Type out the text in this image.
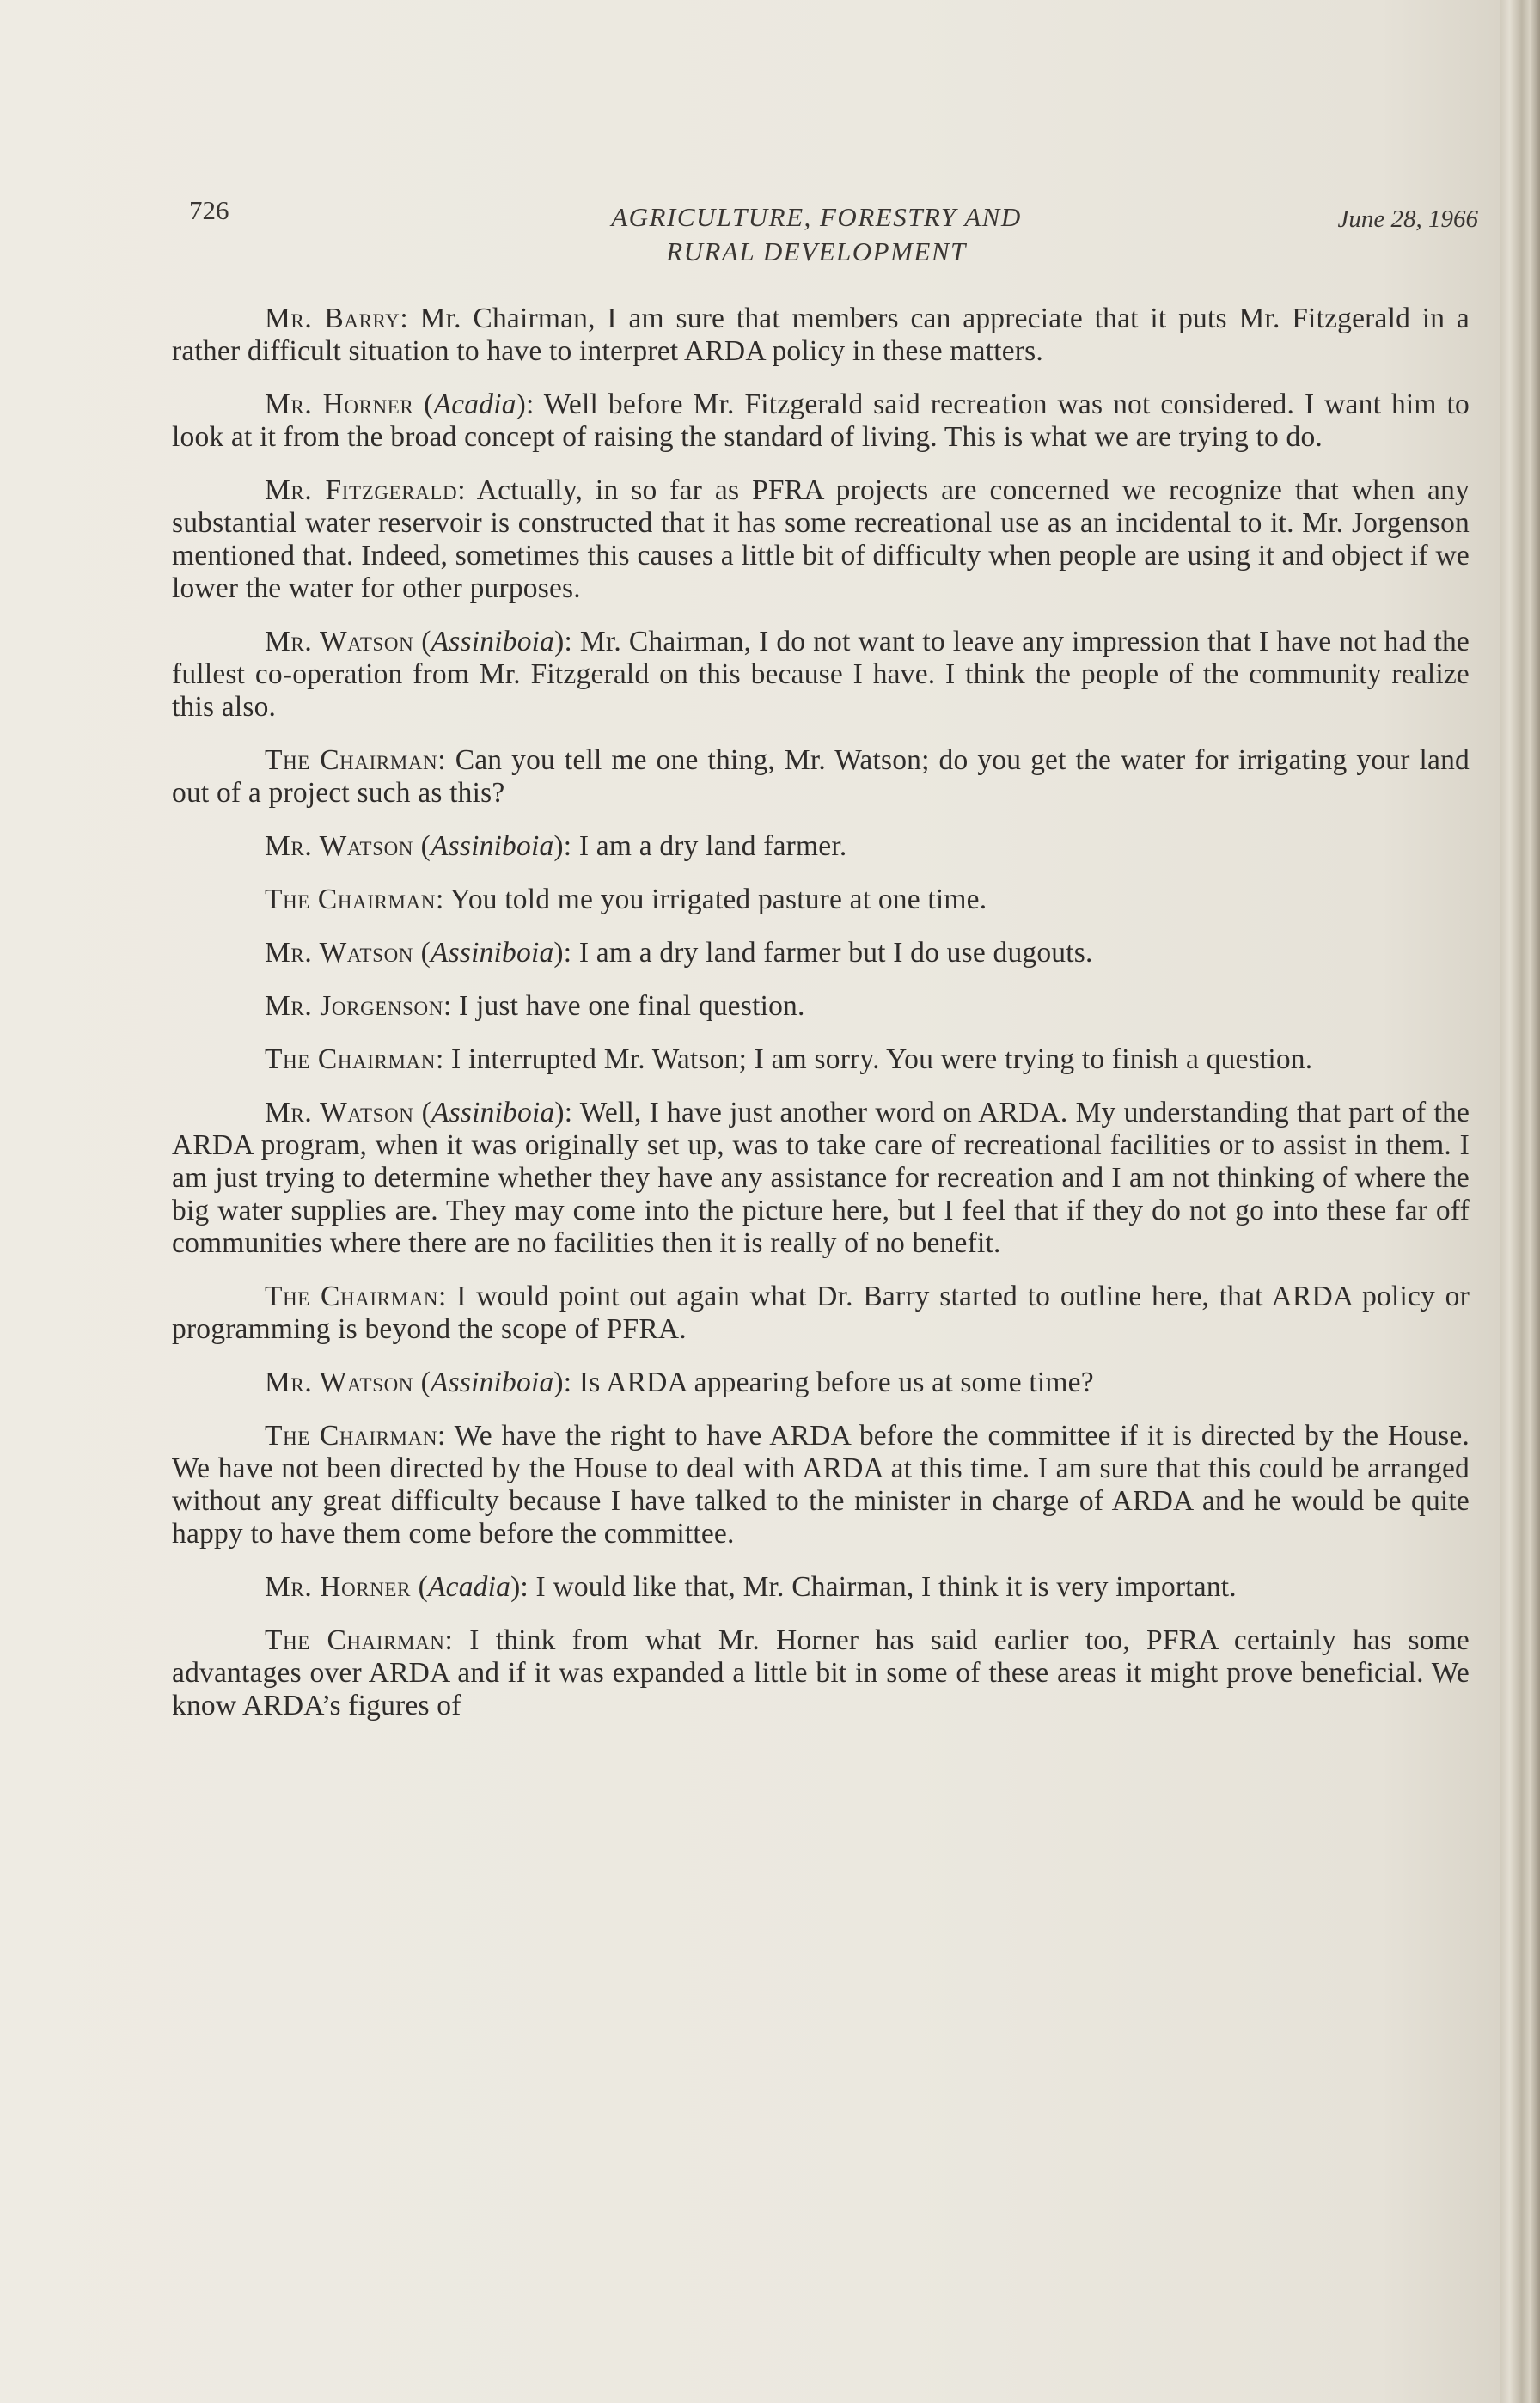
726	AGRICULTURE, FORESTRY AND
RURAL DEVELOPMENT
June 28, 1966

Mr. Barry: Mr. Chairman, I am sure that members can appreciate that it puts Mr. Fitzgerald in a rather difficult situation to have to interpret ARDA policy in these matters.

Mr. Horner (Acadia): Well before Mr. Fitzgerald said recreation was not considered. I want him to look at it from the broad concept of raising the standard of living. This is what we are trying to do.

Mr. Fitzgerald: Actually, in so far as PFRA projects are concerned we recognize that when any substantial water reservoir is constructed that it has some recreational use as an incidental to it. Mr. Jorgenson mentioned that. Indeed, sometimes this causes a little bit of difficulty when people are using it and object if we lower the water for other purposes.

Mr. Watson (Assiniboia): Mr. Chairman, I do not want to leave any impression that I have not had the fullest co-operation from Mr. Fitzgerald on this because I have. I think the people of the community realize this also.

The Chairman: Can you tell me one thing, Mr. Watson; do you get the water for irrigating your land out of a project such as this?

Mr. Watson (Assiniboia): I am a dry land farmer.

The Chairman: You told me you irrigated pasture at one time.

Mr. Watson (Assiniboia): I am a dry land farmer but I do use dugouts.

Mr. Jorgenson: I just have one final question.

The Chairman: I interrupted Mr. Watson; I am sorry. You were trying to finish a question.

Mr. Watson (Assiniboia): Well, I have just another word on ARDA. My understanding that part of the ARDA program, when it was originally set up, was to take care of recreational facilities or to assist in them. I am just trying to determine whether they have any assistance for recreation and I am not thinking of where the big water supplies are. They may come into the picture here, but I feel that if they do not go into these far off communities where there are no facilities then it is really of no benefit.

The Chairman: I would point out again what Dr. Barry started to outline here, that ARDA policy or programming is beyond the scope of PFRA.

Mr. Watson (Assiniboia): Is ARDA appearing before us at some time?

The Chairman: We have the right to have ARDA before the committee if it is directed by the House. We have not been directed by the House to deal with ARDA at this time. I am sure that this could be arranged without any great difficulty because I have talked to the minister in charge of ARDA and he would be quite happy to have them come before the committee.

Mr. Horner (Acadia): I would like that, Mr. Chairman, I think it is very important.

The Chairman: I think from what Mr. Horner has said earlier too, PFRA certainly has some advantages over ARDA and if it was expanded a little bit in some of these areas it might prove beneficial. We know ARDA’s figures of
